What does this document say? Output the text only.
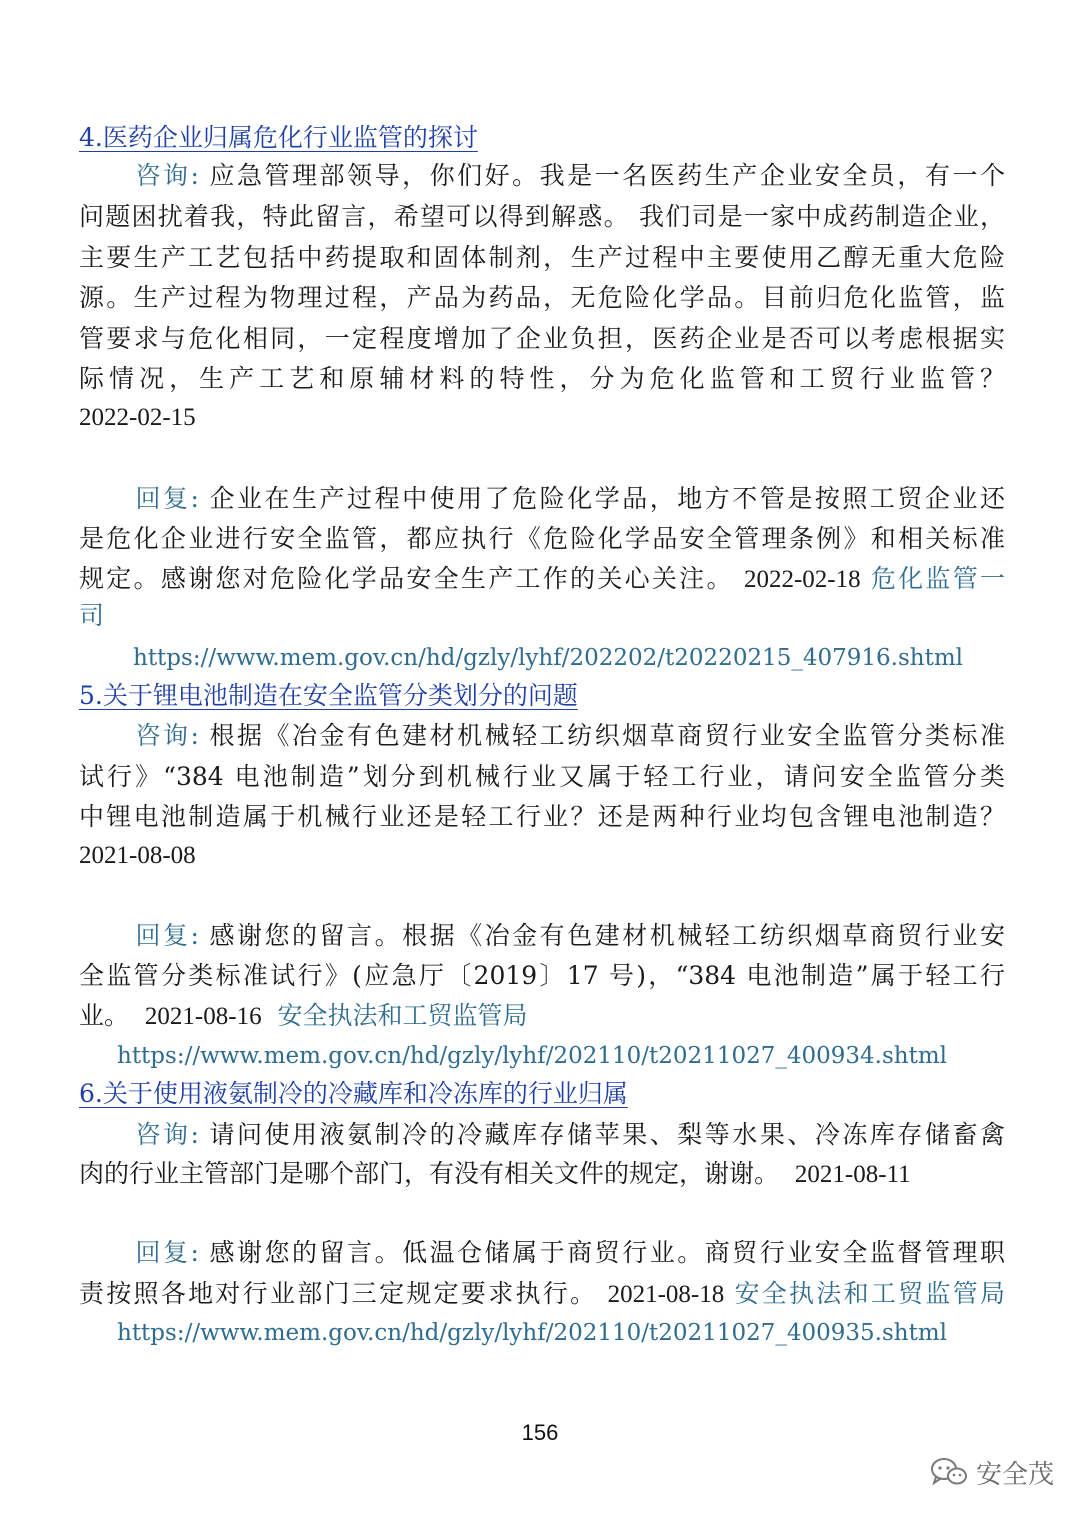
4.医药企业归属危化行业监管的探讨
咨询: 应急管理部领导，你们好。我是一名医药生产企业安全员，有一个
问题困扰着我，特此留言，希望可以得到解惑。 我们司是一家中成药制造企业，
主要生产工艺包括中药提取和固体制剂，生产过程中主要使用乙醇无重大危险
源。生产过程为物理过程，产品为药品，无危险化学品。目前归危化监管，监
管要求与危化相同，一定程度增加了企业负担，医药企业是否可以考虑根据实
际情况，生产工艺和原辅材料的特性，分为危化监管和工贸行业监管？
2022-02-15
回复: 企业在生产过程中使用了危险化学品，地方不管是按照工贸企业还
是危化企业进行安全监管，都应执行《危险化学品安全管理条例》和相关标准
规定。感谢您对危险化学品安全生产工作的关心关注。 2022-02-18 危化监管一
司
https://www.mem.gov.cn/hd/gzly/lyhf/202202/t20220215_407916.shtml
5.关于锂电池制造在安全监管分类划分的问题
咨询: 根据《冶金有色建材机械轻工纺织烟草商贸行业安全监管分类标准
试行》“384 电池制造”划分到机械行业又属于轻工行业，请问安全监管分类
中锂电池制造属于机械行业还是轻工行业？还是两种行业均包含锂电池制造？
2021-08-08
回复: 感谢您的留言。根据《冶金有色建材机械轻工纺织烟草商贸行业安
全监管分类标准试行》(应急厅〔2019〕17 号)，“384 电池制造”属于轻工行
业。 2021-08-16 安全执法和工贸监管局
https://www.mem.gov.cn/hd/gzly/lyhf/202110/t20211027_400934.shtml
6.关于使用液氨制冷的冷藏库和冷冻库的行业归属
咨询: 请问使用液氨制冷的冷藏库存储苹果、梨等水果、冷冻库存储畜禽
肉的行业主管部门是哪个部门，有没有相关文件的规定，谢谢。 2021-08-11
回复: 感谢您的留言。低温仓储属于商贸行业。商贸行业安全监督管理职
责按照各地对行业部门三定规定要求执行。 2021-08-18 安全执法和工贸监管局
https://www.mem.gov.cn/hd/gzly/lyhf/202110/t20211027_400935.shtml
156
安全茂
